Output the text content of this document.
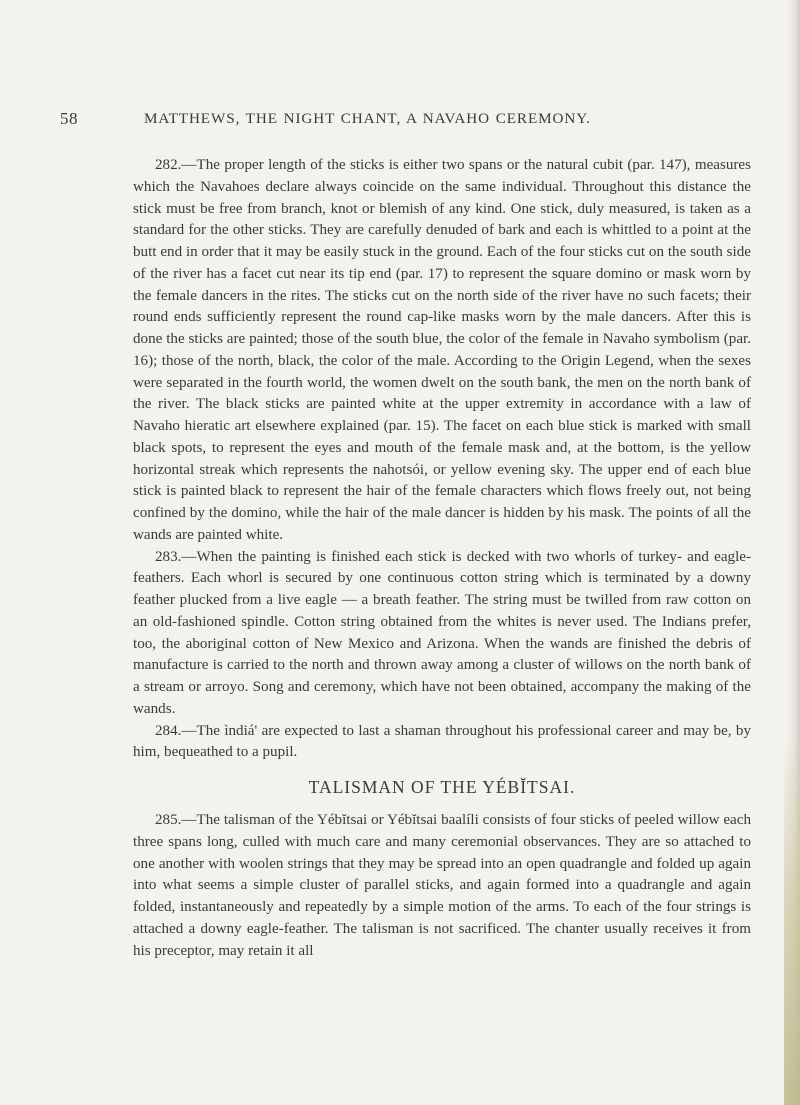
58	MATTHEWS, THE NIGHT CHANT, A NAVAHO CEREMONY.

282.—The proper length of the sticks is either two spans or the natural cubit (par. 147), measures which the Navahoes declare always coincide on the same individual. Throughout this distance the stick must be free from branch, knot or blemish of any kind. One stick, duly measured, is taken as a standard for the other sticks. They are carefully denuded of bark and each is whittled to a point at the butt end in order that it may be easily stuck in the ground. Each of the four sticks cut on the south side of the river has a facet cut near its tip end (par. 17) to represent the square domino or mask worn by the female dancers in the rites. The sticks cut on the north side of the river have no such facets; their round ends sufficiently represent the round cap-like masks worn by the male dancers. After this is done the sticks are painted; those of the south blue, the color of the female in Navaho symbolism (par. 16); those of the north, black, the color of the male. According to the Origin Legend, when the sexes were separated in the fourth world, the women dwelt on the south bank, the men on the north bank of the river. The black sticks are painted white at the upper extremity in accordance with a law of Navaho hieratic art elsewhere explained (par. 15). The facet on each blue stick is marked with small black spots, to represent the eyes and mouth of the female mask and, at the bottom, is the yellow horizontal streak which represents the nahotsói, or yellow evening sky. The upper end of each blue stick is painted black to represent the hair of the female characters which flows freely out, not being confined by the domino, while the hair of the male dancer is hidden by his mask. The points of all the wands are painted white.

283.—When the painting is finished each stick is decked with two whorls of turkey- and eagle-feathers. Each whorl is secured by one continuous cotton string which is terminated by a downy feather plucked from a live eagle — a breath feather. The string must be twilled from raw cotton on an old-fashioned spindle. Cotton string obtained from the whites is never used. The Indians prefer, too, the aboriginal cotton of New Mexico and Arizona. When the wands are finished the debris of manufacture is carried to the north and thrown away among a cluster of willows on the north bank of a stream or arroyo. Song and ceremony, which have not been obtained, accompany the making of the wands.

284.—The ìndiá' are expected to last a shaman throughout his professional career and may be, by him, bequeathed to a pupil.

TALISMAN OF THE YÉBĬTSAI.

285.—The talisman of the Yébĭtsai or Yébĭtsai baalíli consists of four sticks of peeled willow each three spans long, culled with much care and many ceremonial observances. They are so attached to one another with woolen strings that they may be spread into an open quadrangle and folded up again into what seems a simple cluster of parallel sticks, and again formed into a quadrangle and again folded, instantaneously and repeatedly by a simple motion of the arms. To each of the four strings is attached a downy eagle-feather. The talisman is not sacrificed. The chanter usually receives it from his preceptor, may retain it all
